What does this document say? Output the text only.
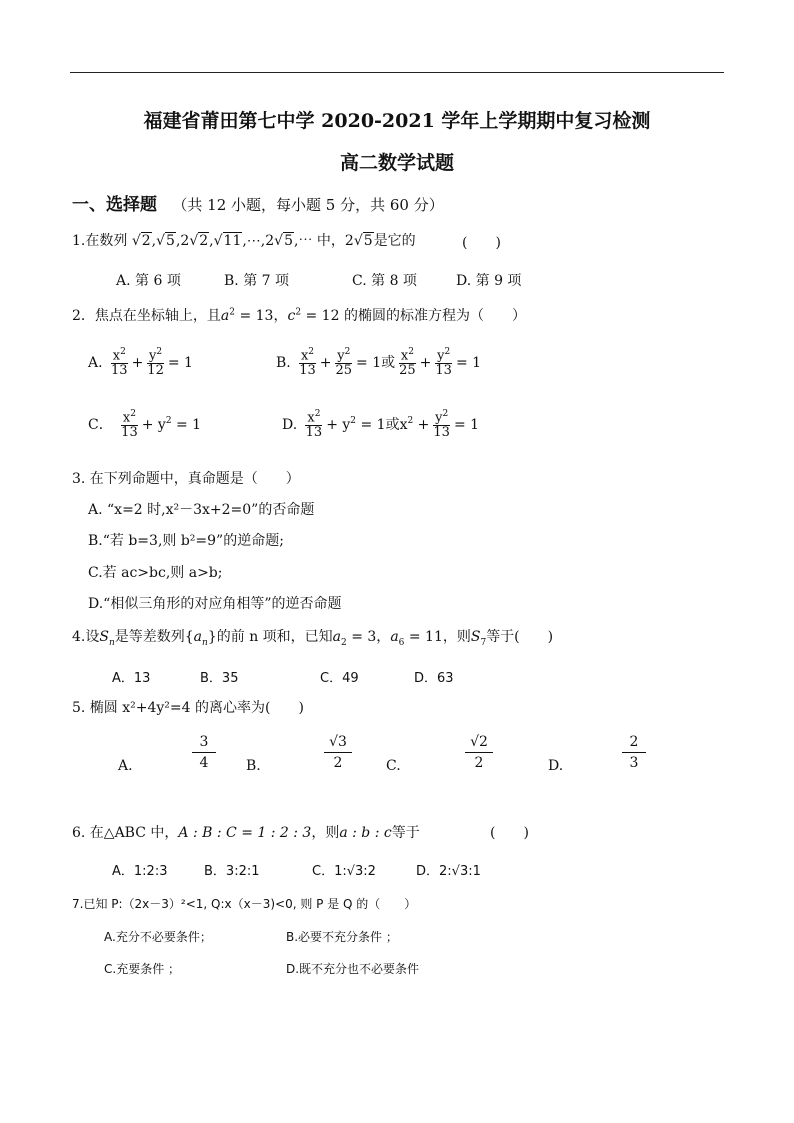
福建省莆田第七中学 2020-2021 学年上学期期中复习检测
高二数学试题
一、选择题 （共 12 小题，每小题 5 分，共 60 分）
1.在数列 √2,√5,2√2,√11,⋯,2√5,⋯ 中，2√5是它的	(　　)
A. 第 6 项	B. 第 7 项	C. 第 8 项	D. 第 9 项
2．焦点在坐标轴上，且$a^2 = 13$，$c^2 = 12$ 的椭圆的标准方程为（　　）
A. $\frac{x^2}{13} + \frac{y^2}{12} = 1$	B. $\frac{x^2}{13} + \frac{y^2}{25} = 1$或 $\frac{x^2}{25} + \frac{y^2}{13} = 1$
C． $\frac{x^2}{13} + y^2 = 1$	D. $\frac{x^2}{13} + y^2 = 1$或$x^2 + \frac{y^2}{13} = 1$
3. 在下列命题中，真命题是（　　）
A. “x=2 时,x²－3x+2=0”的否命题
B.“若 b=3,则 b²=9”的逆命题;
C.若 ac>bc,则 a>b;
D.“相似三角形的对应角相等”的逆否命题
4.设$S_n$是等差数列$\{a_n\}$的前 n 项和，已知$a_2 = 3$，$a_6 = 11$，则$S_7$等于(　　)
A．13	B．35	C．49	D．63
5. 椭圆 x²+4y²=4 的离心率为(　　)
A.
3
4	B.
√3
2	C.
√2
2	D.
2
3
6. 在△ABC 中，A : B : C = 1 : 2 : 3，则a : b : c等于	(　　)
A．1:2:3	B．3:2:1	C．1:√3:2	D．2:√3:1
7.已知 P:（2x－3）²<1, Q:x（x－3)<0, 则 P 是 Q 的（　　）
A.充分不必要条件；	B.必要不充分条件 ；
C.充要条件 ；	D.既不充分也不必要条件
